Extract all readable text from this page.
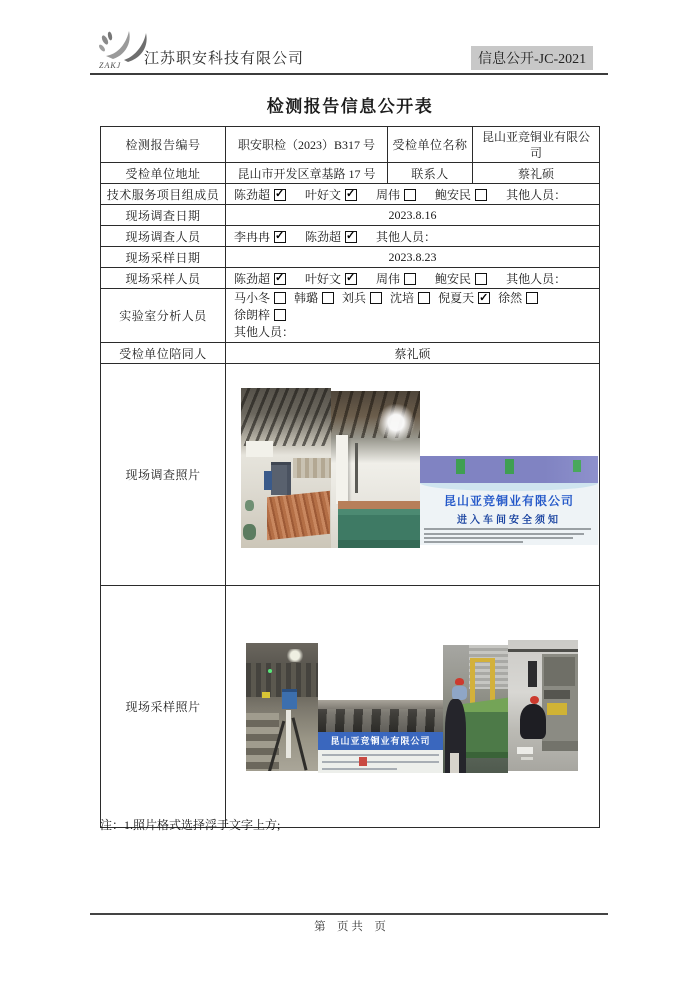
ZAKJ 江苏职安科技有限公司	信息公开-JC-2021
检测报告信息公开表
检测报告编号	职安职检（2023）B317 号	受检单位名称	昆山亚竞铜业有限公司
受检单位地址	昆山市开发区章基路 17 号	联系人	蔡礼硕
技术服务项目组成员	陈劲超 ✓ 叶好文 ✓ 周伟 鲍安民 其他人员：
现场调查日期	2023.8.16		
现场调查人员	李冉冉 ✓ 陈劲超 ✓ 其他人员：
现场采样日期	2023.8.23		
现场采样人员	陈劲超 ✓ 叶好文 ✓ 周伟 鲍安民 其他人员：
实验室分析人员	马小冬 韩璐 刘兵 沈培 倪夏天✓ 徐然 徐朗梓
其他人员：

受检单位陪同人	蔡礼硕		
现场调查照片	昆山亚竞铜业有限公司
进入车间安全须知		

现场采样照片	昆山亚竞铜业有限公司		
注：1.照片格式选择浮于文字上方;
第    页 共    页
